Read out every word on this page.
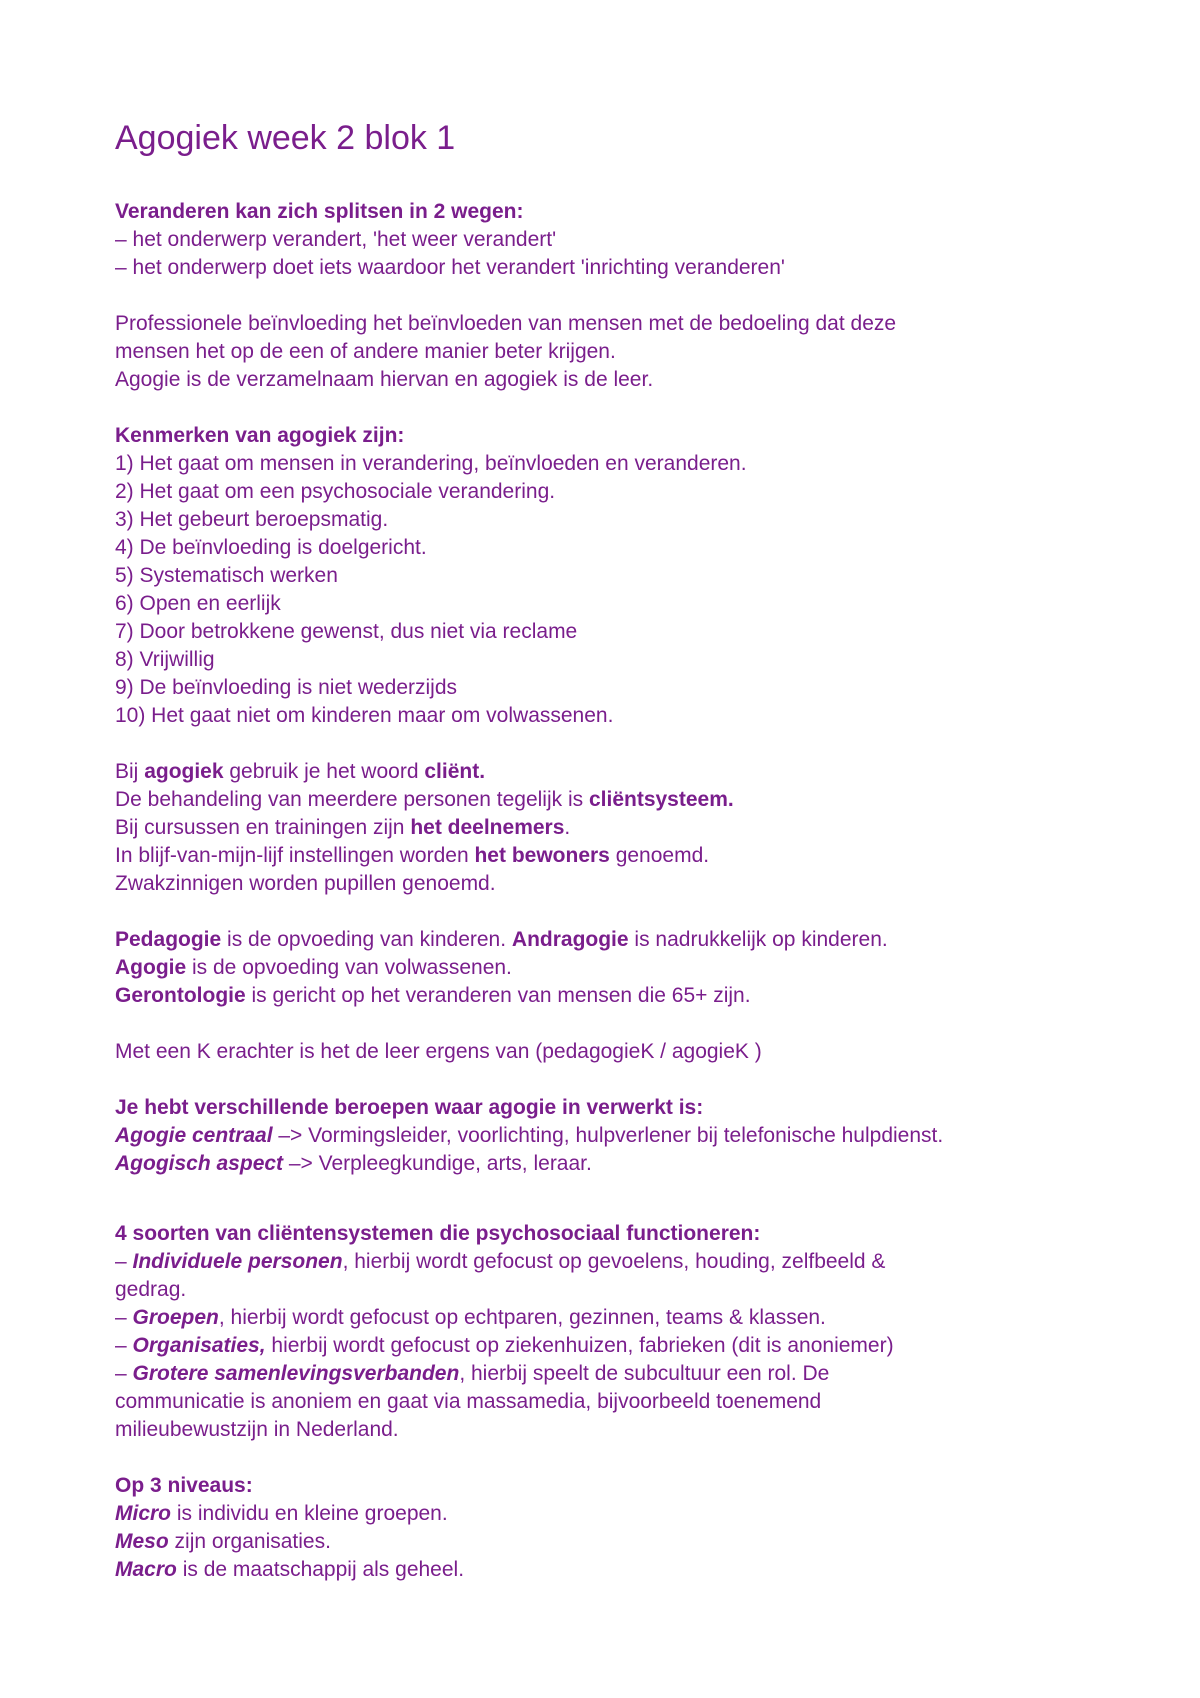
Agogiek week 2 blok 1
Veranderen kan zich splitsen in 2 wegen:
– het onderwerp verandert, 'het weer verandert'
– het onderwerp doet iets waardoor het verandert 'inrichting veranderen'
Professionele beïnvloeding het beïnvloeden van mensen met de bedoeling dat deze
mensen het op de een of andere manier beter krijgen.
Agogie is de verzamelnaam hiervan en agogiek is de leer.
Kenmerken van agogiek zijn:
1) Het gaat om mensen in verandering, beïnvloeden en veranderen.
2) Het gaat om een psychosociale verandering.
3) Het gebeurt beroepsmatig.
4) De beïnvloeding is doelgericht.
5) Systematisch werken
6) Open en eerlijk
7) Door betrokkene gewenst, dus niet via reclame
8) Vrijwillig
9) De beïnvloeding is niet wederzijds
10) Het gaat niet om kinderen maar om volwassenen.
Bij agogiek gebruik je het woord cliënt.
De behandeling van meerdere personen tegelijk is cliëntsysteem.
Bij cursussen en trainingen zijn het deelnemers.
In blijf-van-mijn-lijf instellingen worden het bewoners genoemd.
Zwakzinnigen worden pupillen genoemd.
Pedagogie is de opvoeding van kinderen. Andragogie is nadrukkelijk op kinderen.
Agogie is de opvoeding van volwassenen.
Gerontologie is gericht op het veranderen van mensen die 65+ zijn.
Met een K erachter is het de leer ergens van (pedagogieK / agogieK )
Je hebt verschillende beroepen waar agogie in verwerkt is:
Agogie centraal –> Vormingsleider, voorlichting, hulpverlener bij telefonische hulpdienst.
Agogisch aspect –> Verpleegkundige, arts, leraar.
4 soorten van cliëntensystemen die psychosociaal functioneren:
– Individuele personen, hierbij wordt gefocust op gevoelens, houding, zelfbeeld &
gedrag.
– Groepen, hierbij wordt gefocust op echtparen, gezinnen, teams & klassen.
– Organisaties, hierbij wordt gefocust op ziekenhuizen, fabrieken (dit is anoniemer)
– Grotere samenlevingsverbanden, hierbij speelt de subcultuur een rol. De
communicatie is anoniem en gaat via massamedia, bijvoorbeeld toenemend
milieubewustzijn in Nederland.
Op 3 niveaus:
Micro is individu en kleine groepen.
Meso zijn organisaties.
Macro is de maatschappij als geheel.
